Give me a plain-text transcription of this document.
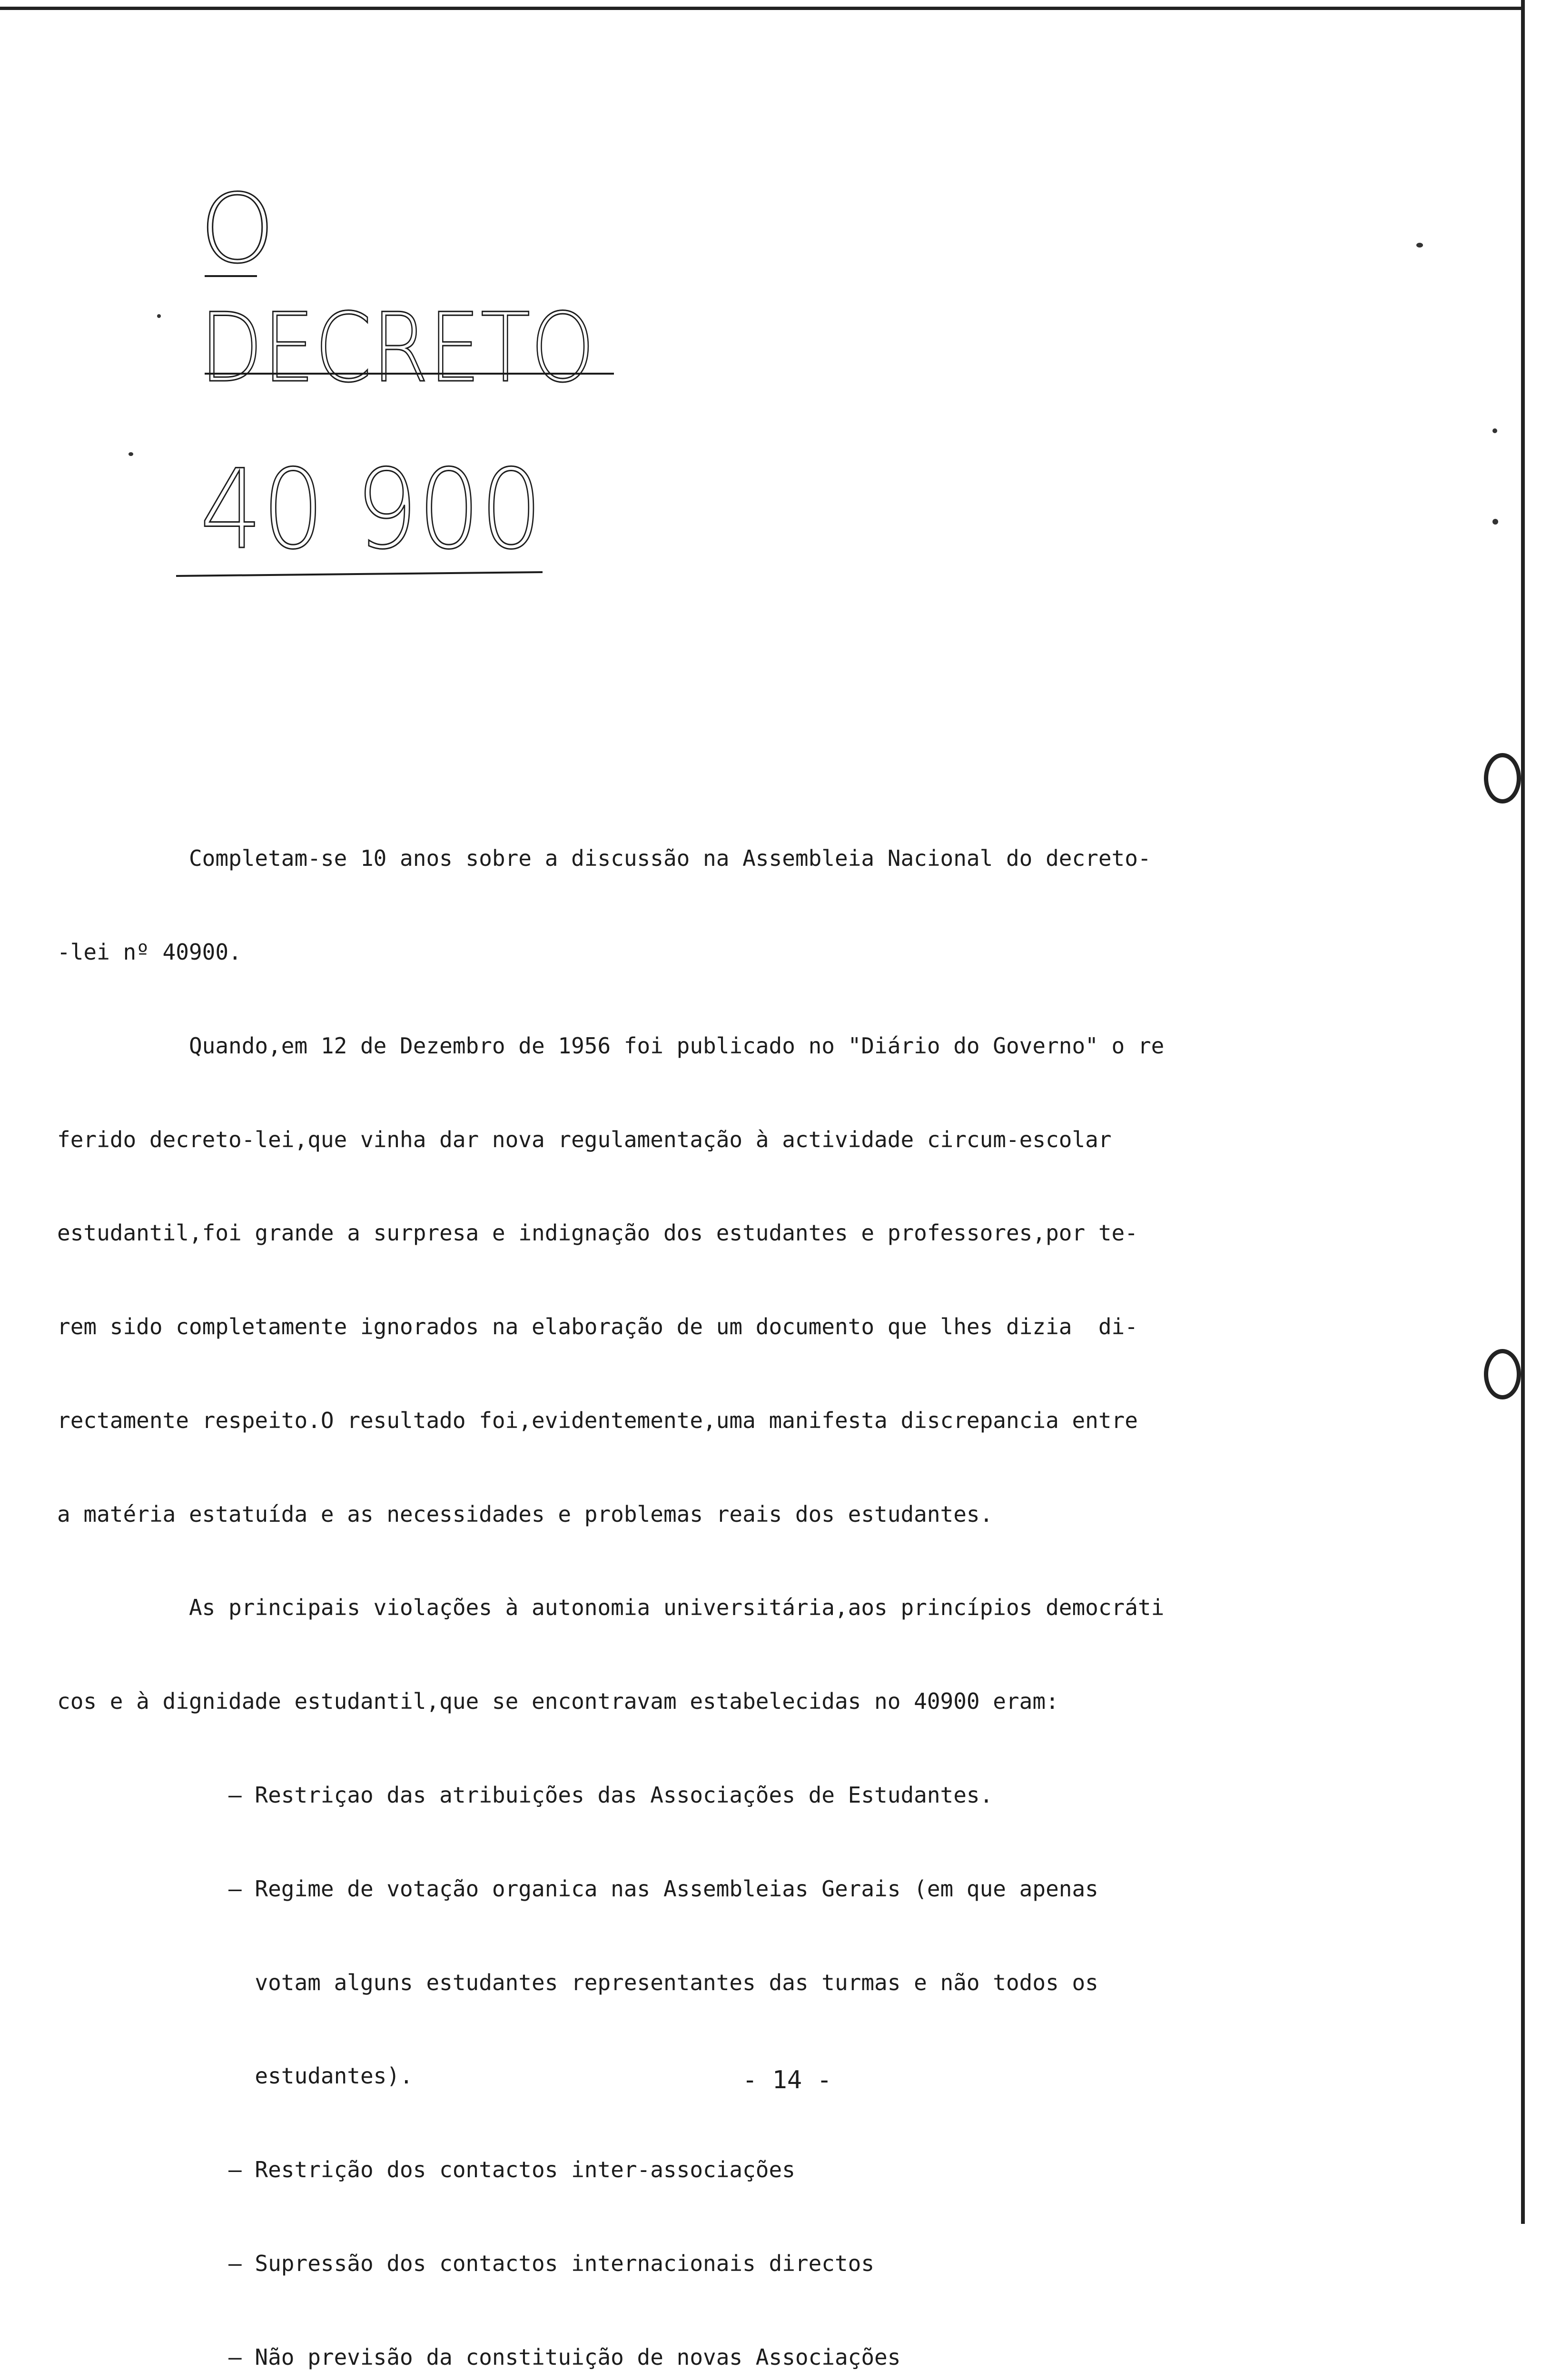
O
DECRETO
40 900

Completam-se 10 anos sobre a discussão na Assembleia Nacional do decreto-

-lei nº 40900.

Quando,em 12 de Dezembro de 1956 foi publicado no "Diário do Governo" o re

ferido decreto-lei,que vinha dar nova regulamentação à actividade circum-escolar

estudantil,foi grande a surpresa e indignação dos estudantes e professores,por te-

rem sido completamente ignorados na elaboração de um documento que lhes dizia  di-

rectamente respeito.O resultado foi,evidentemente,uma manifesta discrepancia entre

a matéria estatuída e as necessidades e problemas reais dos estudantes.

As principais violações à autonomia universitária,aos princípios democráti

cos e à dignidade estudantil,que se encontravam estabelecidas no 40900 eram:

— Restriçao das atribuições das Associações de Estudantes.

— Regime de votação organica nas Assembleias Gerais (em que apenas

votam alguns estudantes representantes das turmas e não todos os

estudantes).

— Restrição dos contactos inter-associações

— Supressão dos contactos internacionais directos

— Não previsão da constituição de novas Associações

- 14 -
